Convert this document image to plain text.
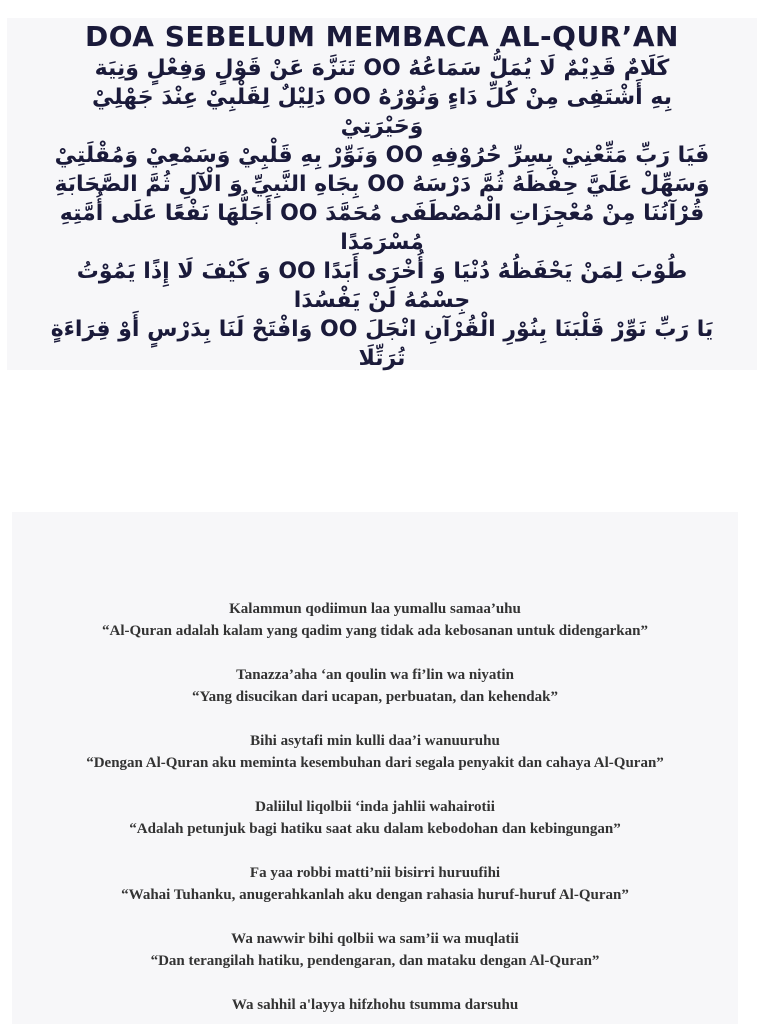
DOA SEBELUM MEMBACA AL-QUR’AN
كَلَامٌ قَدِيْمٌ لَا يُمَلُّ سَمَاعُهُ OO تَنَزَّهَ عَنْ قَوْلٍ وَفِعْلٍ وَنِيَة
بِهِ أَشْتَفِى مِنْ كُلِّ دَاءٍ وَنُوْرُهُ OO دَلِيْلٌ لِقَلْبِيْ عِنْدَ جَهْلِيْ
وَحَيْرَتِيْ
فَيَا رَبِّ مَتِّعْنِيْ بِسِرِّ حُرُوْفِهِ OO وَنَوِّرْ بِهِ قَلْبِيْ وَسَمْعِيْ وَمُقْلَتِيْ
وَسَهِّلْ عَلَيَّ حِفْظَهُ ثُمَّ دَرْسَهُ OO بِجَاهِ النَّبِيِّ وَ الْآلِ ثُمَّ الصَّحَابَةِ
قُرْآنُنَا مِنْ مُعْجِزَاتِ الْمُصْطَفَى مُحَمَّدَ OO أَجَلُّهَا نَفْعًا عَلَى أُمَّتِهِ
مُسْرَمَدًا
طُوْبَ لِمَنْ يَحْفَظُهُ دُنْيَا وَ أُخْرَى أَبَدًا OO وَ كَيْفَ لَا إِذًا يَمُوْتُ
جِسْمُهُ لَنْ يَفْسُدَا
يَا رَبِّ نَوِّرْ قَلْبَنَا بِنُوْرِ الْقُرْآنِ انْجَلَ OO وَافْتَحْ لَنَا بِدَرْسٍ أَوْ قِرَاءَةٍ
تُرَتِّلَا
Kalammun qodiimun laa yumallu samaa’uhu
“Al-Quran adalah kalam yang qadim yang tidak ada kebosanan untuk didengarkan”
Tanazza’aha ‘an qoulin wa fi’lin wa niyatin
“Yang disucikan dari ucapan, perbuatan, dan kehendak”
Bihi asytafi min kulli daa’i wanuuruhu
“Dengan Al-Quran aku meminta kesembuhan dari segala penyakit dan cahaya Al-Quran”
Daliilul liqolbii ‘inda jahlii wahairotii
“Adalah petunjuk bagi hatiku saat aku dalam kebodohan dan kebingungan”
Fa yaa robbi matti’nii bisirri huruufihi
“Wahai Tuhanku, anugerahkanlah aku dengan rahasia huruf-huruf Al-Quran”
Wa nawwir bihi qolbii wa sam’ii wa muqlatii
“Dan terangilah hatiku, pendengaran, dan mataku dengan Al-Quran”
Wa sahhil a'layya hifzhohu tsumma darsuhu
